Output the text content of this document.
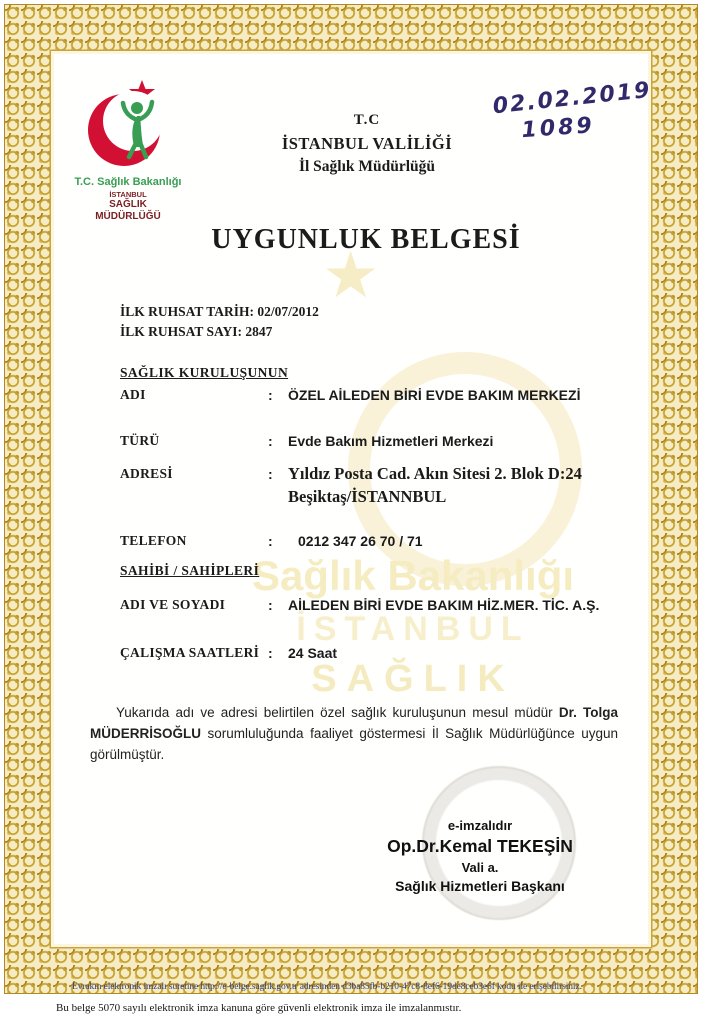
★
Sağlık Bakanlığı
İSTANBUL
SAĞLIK
T.C. Sağlık Bakanlığı
İSTANBUL
SAĞLIK
MÜDÜRLÜĞÜ
T.C
İSTANBUL VALİLİĞİ
İl Sağlık Müdürlüğü
02.02.2019
1089
UYGUNLUK BELGESİ
İLK RUHSAT TARİH: 02/07/2012
İLK RUHSAT SAYI: 2847
SAĞLIK KURULUŞUNUN
ADI	:	ÖZEL AİLEDEN BİRİ EVDE BAKIM MERKEZİ
TÜRÜ	:	Evde Bakım Hizmetleri Merkezi
ADRESİ	: Yıldız Posta Cad. Akın Sitesi 2. Blok D:24
Beşiktaş/İSTANNBUL
TELEFON	:	0212 347 26 70 / 71
SAHİBİ / SAHİPLERİ
ADI VE SOYADI	:	AİLEDEN BİRİ EVDE BAKIM HİZ.MER. TİC. A.Ş.
ÇALIŞMA SAATLERİ :	24 Saat
Yukarıda adı ve adresi belirtilen özel sağlık kuruluşunun mesul müdür Dr. Tolga MÜDERRİSOĞLU sorumluluğunda faaliyet göstermesi İl Sağlık Müdürlüğünce uygun görülmüştür.
e-imzalıdır
Op.Dr.Kemal TEKEŞİN
Vali a.
Sağlık Hizmetleri Başkanı
Evrakın elektronik imzalı suretine http://e-belge.saglik.gov.tr adresinden d3ba85fb-b210-47c8-8ef6-19de8ceb3e6f kodu ile erişebilirsiniz.
Bu belge 5070 sayılı elektronik imza kanuna göre güvenli elektronik imza ile imzalanmıstır.
